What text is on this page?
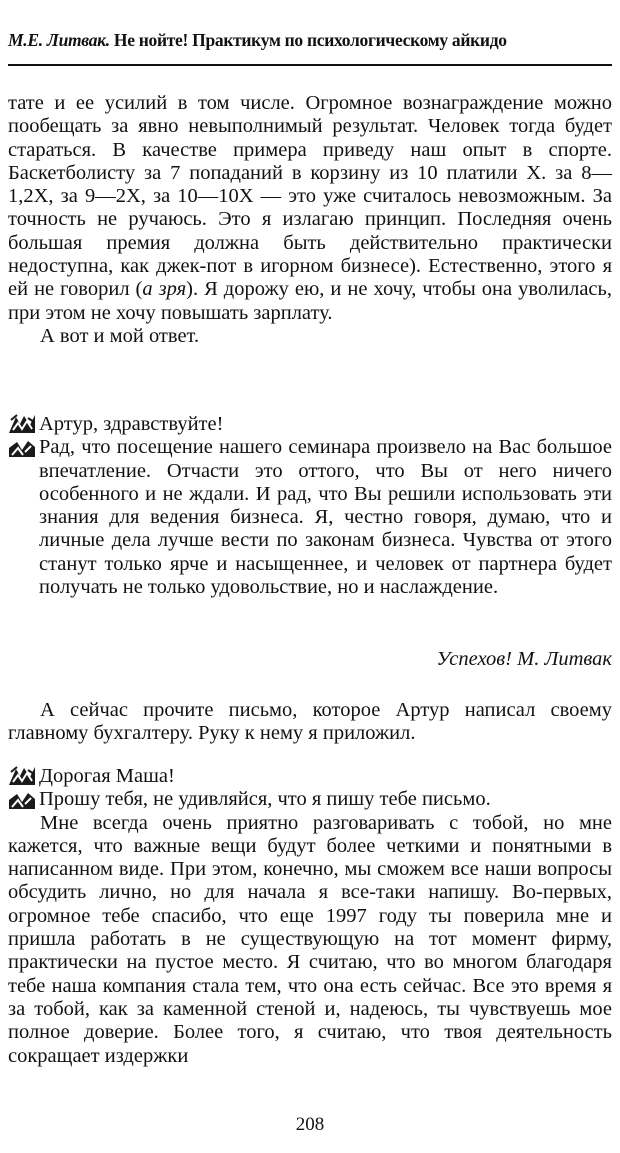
М.Е. Литвак. Не нойте! Практикум по психологическому айкидо

тате и ее усилий в том числе. Огромное вознаграждение можно пообещать за явно невыполнимый результат. Человек тогда будет стараться. В качестве примера приведу наш опыт в спорте. Баскетболисту за 7 попаданий в корзину из 10 платили Х. за 8—1,2Х, за 9—2Х, за 10—10Х — это уже считалось невозможным. За точность не ручаюсь. Это я излагаю принцип. Последняя очень большая премия должна быть действительно практически недоступна, как джек-пот в игорном бизнесе). Естественно, этого я ей не говорил (а зря). Я дорожу ею, и не хочу, чтобы она уволилась, при этом не хочу повышать зарплату.

А вот и мой ответ.

Артур, здравствуйте!

Рад, что посещение нашего семинара произвело на Вас большое впечатление. Отчасти это оттого, что Вы от него ничего особенного и не ждали. И рад, что Вы решили использовать эти знания для ведения бизнеса. Я, честно говоря, думаю, что и личные дела лучше вести по законам бизнеса. Чувства от этого станут только ярче и насыщеннее, и человек от партнера будет получать не только удовольствие, но и наслаждение.

Успехов! М. Литвак

А сейчас прочите письмо, которое Артур написал своему главному бухгалтеру. Руку к нему я приложил.

Дорогая Маша!

Прошу тебя, не удивляйся, что я пишу тебе письмо.

Мне всегда очень приятно разговаривать с тобой, но мне кажется, что важные вещи будут более четкими и понятными в написанном виде. При этом, конечно, мы сможем все наши вопросы обсудить лично, но для начала я все-таки напишу. Во-первых, огромное тебе спасибо, что еще 1997 году ты поверила мне и пришла работать в не существующую на тот момент фирму, практически на пустое место. Я считаю, что во многом благодаря тебе наша компания стала тем, что она есть сейчас. Все это время я за тобой, как за каменной стеной и, надеюсь, ты чувствуешь мое полное доверие. Более того, я считаю, что твоя деятельность сокращает издержки

208
